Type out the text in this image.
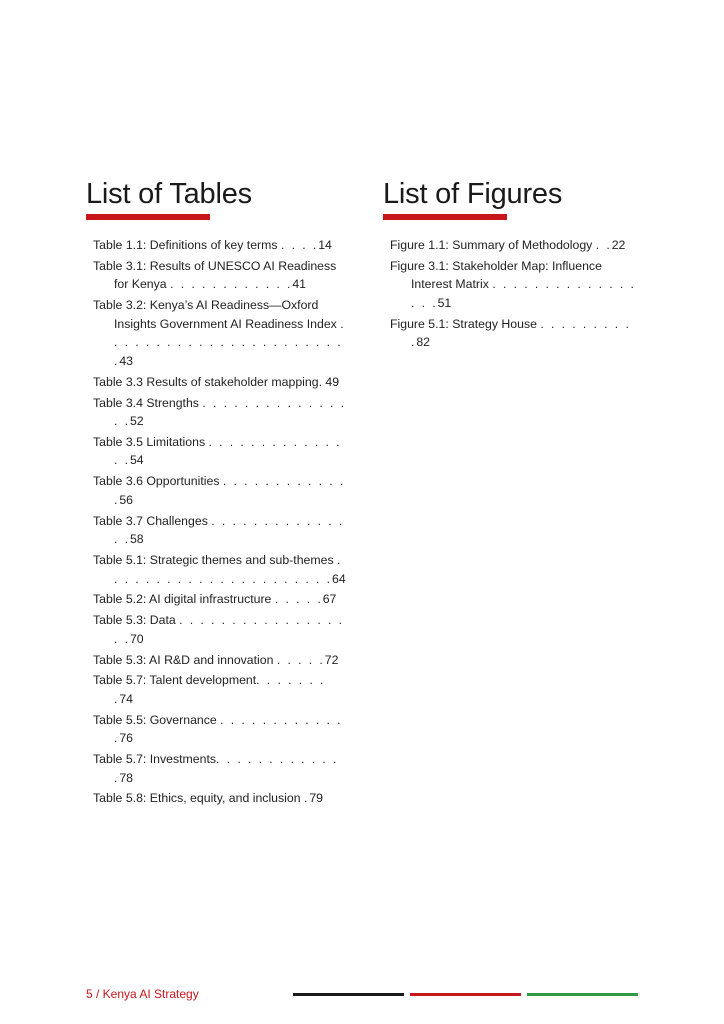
List of Tables
Table 1.1: Definitions of key terms . . . .14
Table 3.1: Results of UNESCO AI Readiness for Kenya . . . . . . . . . . . .41
Table 3.2: Kenya’s AI Readiness—Oxford Insights Government AI Readiness Index . . . . . . . . . . . . . . . . . . . . . . . .43
Table 3.3 Results of stakeholder mapping. 49
Table 3.4 Strengths . . . . . . . . . . . . . . . .52
Table 3.5 Limitations . . . . . . . . . . . . . . .54
Table 3.6 Opportunities . . . . . . . . . . . . .56
Table 3.7 Challenges . . . . . . . . . . . . . . .58
Table 5.1: Strategic themes and sub-themes . . . . . . . . . . . . . . . . . . . . . .64
Table 5.2: AI digital infrastructure . . . . .67
Table 5.3: Data . . . . . . . . . . . . . . . . . .70
Table 5.3: AI R&D and innovation . . . . .72
Table 5.7: Talent development. . . . . . . .74
Table 5.5: Governance . . . . . . . . . . . . .76
Table 5.7: Investments. . . . . . . . . . . . .78
Table 5.8: Ethics, equity, and inclusion .79
List of Figures
Figure 1.1: Summary of Methodology . .22
Figure 3.1: Stakeholder Map: Influence Interest Matrix . . . . . . . . . . . . . . . . .51
Figure 5.1: Strategy House . . . . . . . . . .82
5 / Kenya AI Strategy
